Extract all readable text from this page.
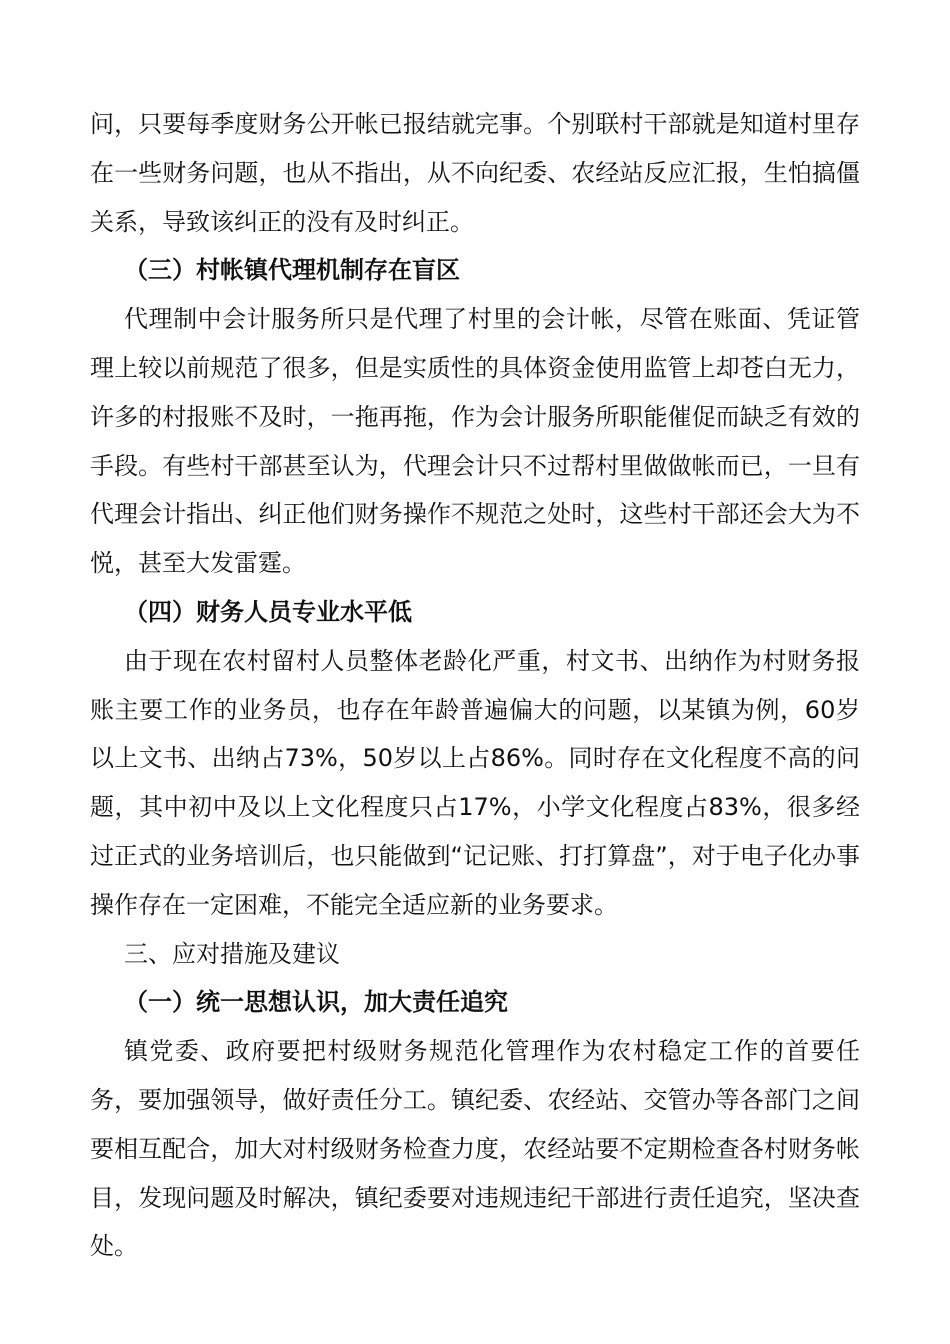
问，只要每季度财务公开帐已报结就完事。个别联村干部就是知道村里存在一些财务问题，也从不指出，从不向纪委、农经站反应汇报，生怕搞僵关系，导致该纠正的没有及时纠正。

（三）村帐镇代理机制存在盲区

代理制中会计服务所只是代理了村里的会计帐，尽管在账面、凭证管理上较以前规范了很多，但是实质性的具体资金使用监管上却苍白无力，许多的村报账不及时，一拖再拖，作为会计服务所职能催促而缺乏有效的手段。有些村干部甚至认为，代理会计只不过帮村里做做帐而已，一旦有代理会计指出、纠正他们财务操作不规范之处时，这些村干部还会大为不悦，甚至大发雷霆。

（四）财务人员专业水平低

由于现在农村留村人员整体老龄化严重，村文书、出纳作为村财务报账主要工作的业务员，也存在年龄普遍偏大的问题，以某镇为例，60岁以上文书、出纳占73%，50岁以上占86%。同时存在文化程度不高的问题，其中初中及以上文化程度只占17%，小学文化程度占83%，很多经过正式的业务培训后，也只能做到“记记账、打打算盘”，对于电子化办事操作存在一定困难，不能完全适应新的业务要求。

三、应对措施及建议

（一）统一思想认识，加大责任追究

镇党委、政府要把村级财务规范化管理作为农村稳定工作的首要任务，要加强领导，做好责任分工。镇纪委、农经站、交管办等各部门之间要相互配合，加大对村级财务检查力度，农经站要不定期检查各村财务帐目，发现问题及时解决，镇纪委要对违规违纪干部进行责任追究，坚决查处。
